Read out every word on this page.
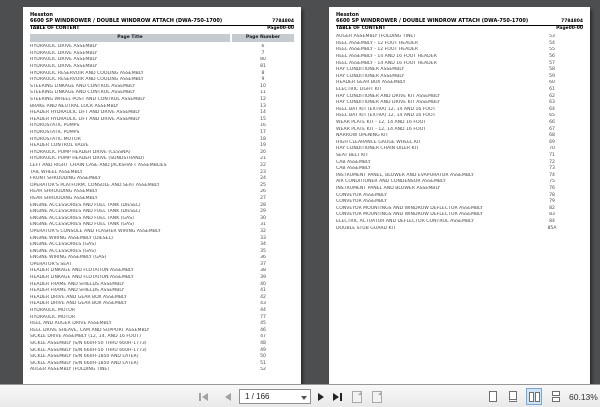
Hesston
6600 SP WINDROWER / DOUBLE WINDROW ATTACH (DWA-750-1700)	7784804
TABLE OF CONTENT	Page00-00
Page Title	Page Number
HYDRAULIC DRIVE ASSEMBLY	6
HYDRAULIC DRIVE ASSEMBLY	7
HYDRAULIC DRIVE ASSEMBLY	80
HYDRAULIC DRIVE ASSEMBLY	81
HYDRAULIC RESERVOIR AND COOLING ASSEMBLY	8
HYDRAULIC RESERVOIR AND COOLING ASSEMBLY	9
STEERING LINKAGE AND CONTROL ASSEMBLY	10
STEERING LINKAGE AND CONTROL ASSEMBLY	11
STEERING WHEEL POST AND CONTROL ASSEMBLY	12
BRAKE AND NEUTRAL LOCK ASSEMBLY	13
HEADER HYDRAULIC LIFT AND DRIVE ASSEMBLY	14
HEADER HYDRAULIC LIFT AND DRIVE ASSEMBLY	15
HYDROSTATIC PUMPS	16
HYDROSTATIC PUMPS	17
HYDROSTATIC MOTOR	18
HEADER CONTROL VALVE	19
HYDRAULIC PUMP HEADER DRIVE (CESSNA)	20
HYDRAULIC PUMP HEADER DRIVE (SUNDSTRAND)	21
LEFT AND RIGHT CHAIN CASE AND JACKSHAFT ASSEMBLIES	22
TAIL WHEEL ASSEMBLY	23
FRONT SHROUDING ASSEMBLY	24
OPERATOR'S PLATFORM, CONSOLE AND SEAT ASSEMBLY	25
REAR SHROUDING ASSEMBLY	26
REAR SHROUDING ASSEMBLY	27
ENGINE ACCESSORIES AND FUEL TANK (DIESEL)	28
ENGINE ACCESSORIES AND FUEL TANK (DIESEL)	29
ENGINE ACCESSORIES AND FUEL TANK (GAS)	30
ENGINE ACCESSORIES AND FUEL TANK (GAS)	31
OPERATOR'S CONSOLE AND FLASHER WIRING ASSEMBLY	32
ENGINE WIRING ASSEMBLY (DIESEL)	33
ENGINE ACCESSORIES (GAS)	34
ENGINE ACCESSORIES (GAS)	35
ENGINE WIRING ASSEMBLY (GAS)	36
OPERATOR'S SEAT	37
HEADER LINKAGE AND FLOTATION ASSEMBLY	38
HEADER LINKAGE AND FLOTATION ASSEMBLY	39
HEADER FRAME AND SHIELDS ASSEMBLY	40
HEADER FRAME AND SHIELDS ASSEMBLY	41
HEADER DRIVE AND GEAR BOX ASSEMBLY	42
HEADER DRIVE AND GEAR BOX ASSEMBLY	43
HYDRAULIC MOTOR	44
HYDRAULIC MOTOR	77
REEL AND AUGER DRIVE ASSEMBLY	45
REEL DRIVE SHEAVE, CAM AND SUPPORT ASSEMBLY	46
SICKLE DRIVE ASSEMBLY (12, 14, AND 16 FOOT)	47
SICKLE ASSEMBLY (S/N 660H-50 THRU 660H-1773)	48
SICKLE ASSEMBLY (S/N 660H-50 THRU 660H-1773)	49
SICKLE ASSEMBLY (S/N 660H-1850 AND LATER)	50
SICKLE ASSEMBLY (S/N 660H-1850 AND LATER)	51
AUGER ASSEMBLY (FOLDING TINE)	52
Hesston
6600 SP WINDROWER / DOUBLE WINDROW ATTACH (DWA-750-1700)	7784804
TABLE OF CONTENT	Page00-00
AUGER ASSEMBLY (FOLDING TINE)	53
REEL ASSEMBLY - 12 FOOT HEADER	54
REEL ASSEMBLY - 12 FOOT HEADER	55
REEL ASSEMBLY - 14 AND 16 FOOT HEADER	56
REEL ASSEMBLY - 14 AND 16 FOOT HEADER	57
HAY CONDITIONER ASSEMBLY	58
HAY CONDITIONER ASSEMBLY	59
HEADER GEAR BOX ASSEMBLY	60
ELECTRIC LIGHT KIT	61
HAY CONDITIONER AND DRIVE KIT ASSEMBLY	62
HAY CONDITIONER AND DRIVE KIT ASSEMBLY	63
REEL BAT KIT (EXTRA) 12, 14 AND 16 FOOT	64
REEL BAT KIT (EXTRA) 12, 14 AND 16 FOOT	65
WEAR PLATE KIT - 12, 14 AND 16 FOOT	66
WEAR PLATE KIT - 12, 14 AND 16 FOOT	67
NARROW OPENING KIT	68
HIGH CLEARANCE GAUGE WHEEL KIT	69
HAY CONDITIONER CHAIN OILER KIT	70
SEAT BELT KIT	71
CAB ASSEMBLY	72
CAB ASSEMBLY	73
INSTRUMENT PANEL, BLOWER AND EVAPORATOR ASSEMBLY	74
AIR CONDITIONER AND CONDENSOR ASSEMBLY	75
INSTRUMENT PANEL AND BLOWER ASSEMBLY	76
CONVEYOR ASSEMBLY	78
CONVEYOR ASSEMBLY	79
CONVEYOR MOUNTINGS AND WINDROW DEFLECTOR ASSEMBLY	82
CONVEYOR MOUNTINGS AND WINDROW DEFLECTOR ASSEMBLY	83
ELECTRIC ACTUATOR AND DEFLECTOR CONTROL ASSEMBLY	84
DOUBLE STUB GUARD KIT	85A
1 / 166	60.13%
